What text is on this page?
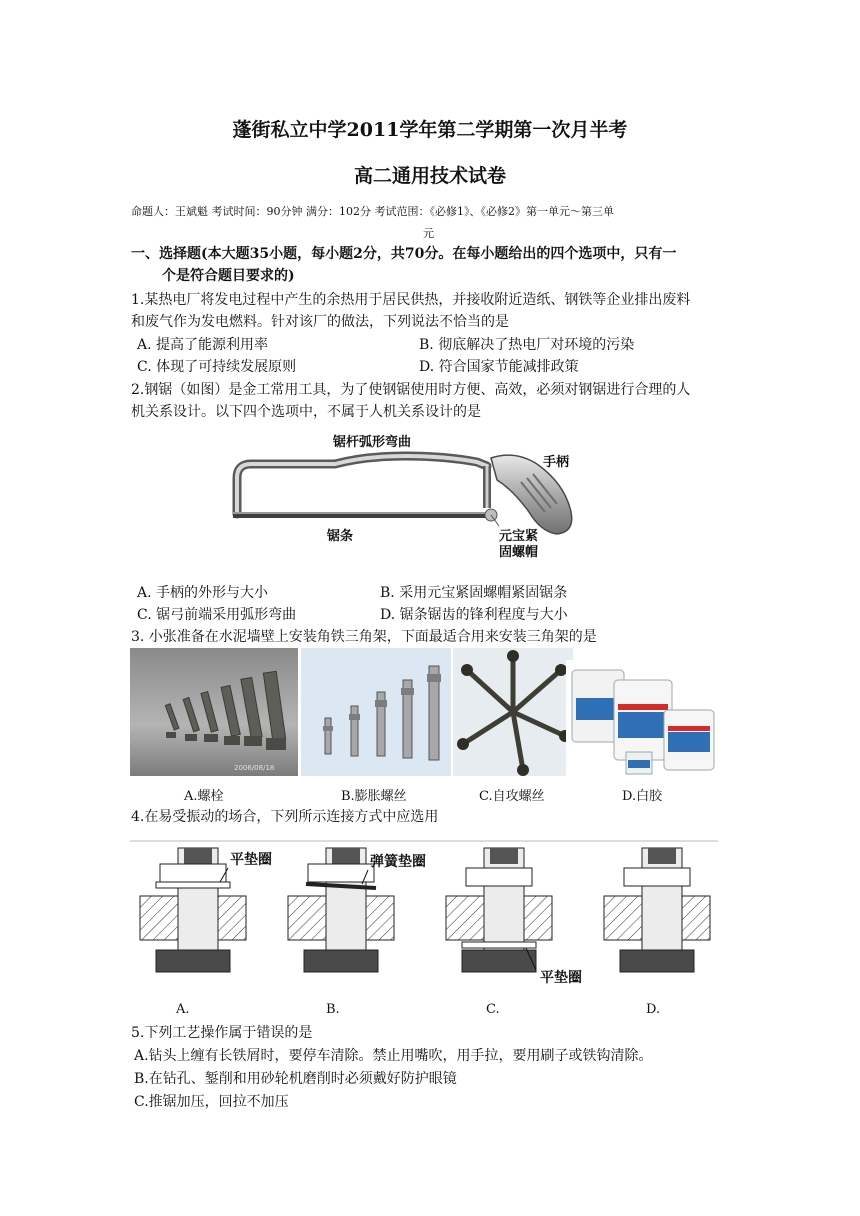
蓬街私立中学2011学年第二学期第一次月半考
高二通用技术试卷
命题人：王斌魁 考试时间：90分钟 满分：102分 考试范围：《必修1》、《必修2》第一单元～第三单
元
一、选择题(本大题35小题，每小题2分，共70分。在每小题给出的四个选项中，只有一
个是符合题目要求的)
1.某热电厂将发电过程中产生的余热用于居民供热，并接收附近造纸、钢铁等企业排出废料
和废气作为发电燃料。针对该厂的做法，下列说法不恰当的是
A. 提高了能源利用率	B. 彻底解决了热电厂对环境的污染
C. 体现了可持续发展原则	D. 符合国家节能减排政策
2.钢锯（如图）是金工常用工具，为了使钢锯使用时方便、高效，必须对钢锯进行合理的人
机关系设计。以下四个选项中，不属于人机关系设计的是
锯杆弧形弯曲
手柄
锯条	元宝紧
固螺帽
A. 手柄的外形与大小	B. 采用元宝紧固螺帽紧固锯条
C. 锯弓前端采用弧形弯曲	D. 锯条锯齿的锋利程度与大小
3. 小张准备在水泥墙壁上安装角铁三角架，下面最适合用来安装三角架的是
2006/08/18
A.螺栓	B.膨胀螺丝	C.自攻螺丝	D.白胶
4.在易受振动的场合，下列所示连接方式中应选用
平垫圈	弹簧垫圈
平垫圈
A.	B.	C.	D.
5.下列工艺操作属于错误的是
A.钻头上缠有长铁屑时，要停车清除。禁止用嘴吹，用手拉，要用刷子或铁钩清除。
B.在钻孔、錾削和用砂轮机磨削时必须戴好防护眼镜
C.推锯加压，回拉不加压
